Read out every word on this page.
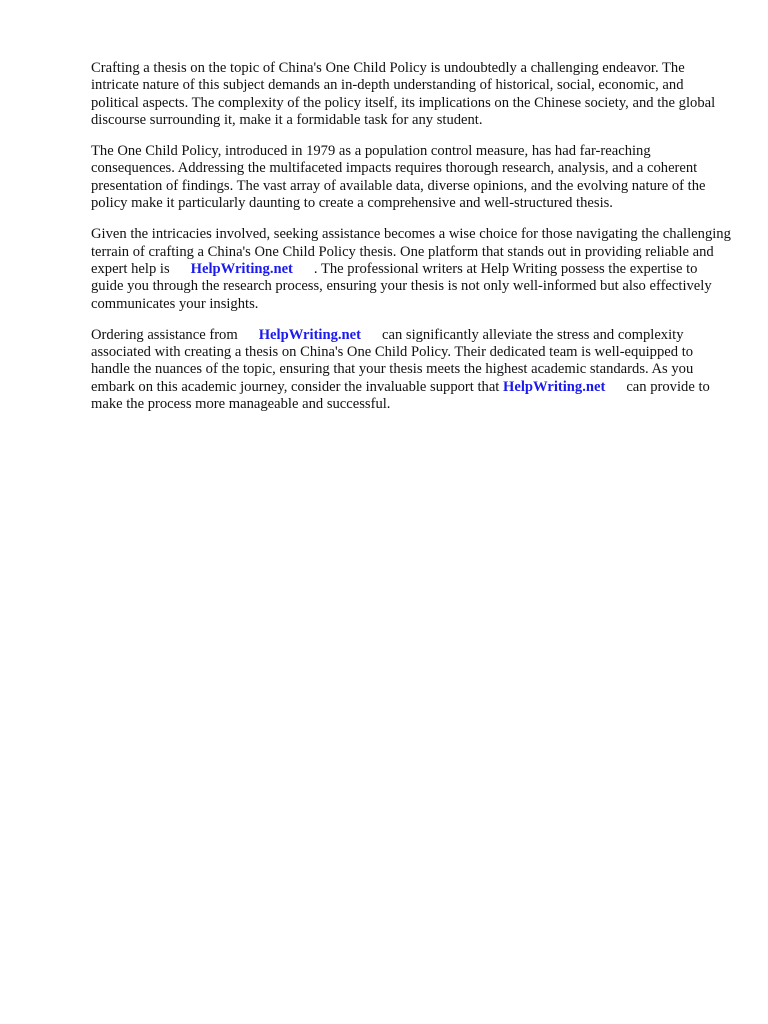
Crafting a thesis on the topic of China's One Child Policy is undoubtedly a challenging endeavor. The intricate nature of this subject demands an in-depth understanding of historical, social, economic, and political aspects. The complexity of the policy itself, its implications on the Chinese society, and the global discourse surrounding it, make it a formidable task for any student.

The One Child Policy, introduced in 1979 as a population control measure, has had far-reaching consequences. Addressing the multifaceted impacts requires thorough research, analysis, and a coherent presentation of findings. The vast array of available data, diverse opinions, and the evolving nature of the policy make it particularly daunting to create a comprehensive and well-structured thesis.

Given the intricacies involved, seeking assistance becomes a wise choice for those navigating the challenging terrain of crafting a China's One Child Policy thesis. One platform that stands out in providing reliable and expert help is HelpWriting.net . The professional writers at Help Writing possess the expertise to guide you through the research process, ensuring your thesis is not only well-informed but also effectively communicates your insights.

Ordering assistance from HelpWriting.net can significantly alleviate the stress and complexity associated with creating a thesis on China's One Child Policy. Their dedicated team is well-equipped to handle the nuances of the topic, ensuring that your thesis meets the highest academic standards. As you embark on this academic journey, consider the invaluable support that HelpWriting.net can provide to make the process more manageable and successful.
